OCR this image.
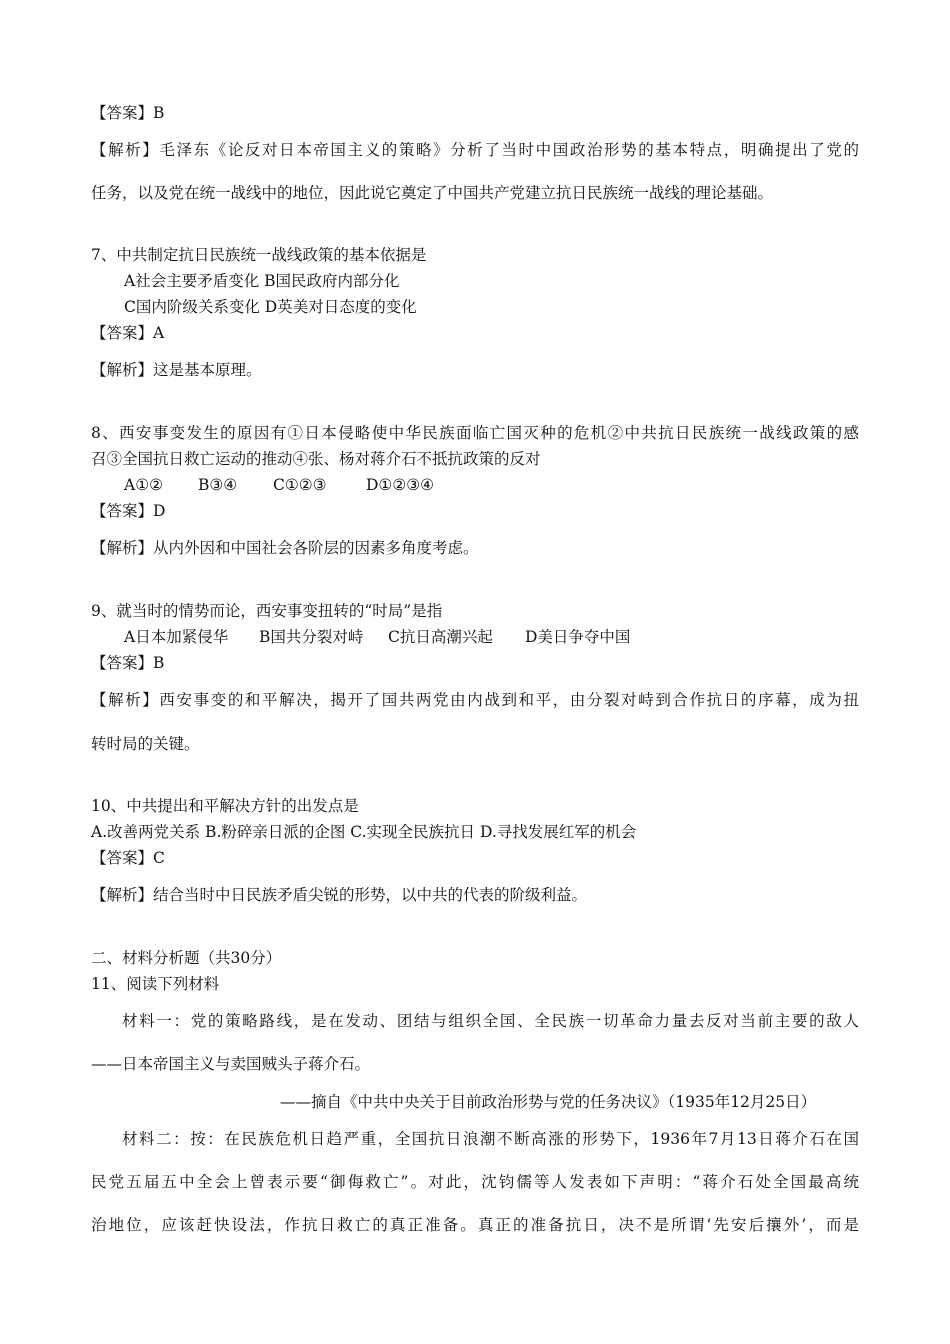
【答案】B
【解析】毛泽东《论反对日本帝国主义的策略》分析了当时中国政治形势的基本特点，明确提出了党的
任务，以及党在统一战线中的地位，因此说它奠定了中国共产党建立抗日民族统一战线的理论基础。
7、中共制定抗日民族统一战线政策的基本依据是
A社会主要矛盾变化 B国民政府内部分化
C国内阶级关系变化 D英美对日态度的变化
【答案】A
【解析】这是基本原理。
8、西安事变发生的原因有①日本侵略使中华民族面临亡国灭种的危机②中共抗日民族统一战线政策的感
召③全国抗日救亡运动的推动④张、杨对蒋介石不抵抗政策的反对
A①② B③④ C①②③	D①②③④
【答案】D
【解析】从内外因和中国社会各阶层的因素多角度考虑。
9、就当时的情势而论，西安事变扭转的“时局”是指
A日本加紧侵华 B国共分裂对峙 C抗日高潮兴起 D美日争夺中国
【答案】B
【解析】西安事变的和平解决，揭开了国共两党由内战到和平，由分裂对峙到合作抗日的序幕，成为扭
转时局的关键。
10、中共提出和平解决方针的出发点是
A.改善两党关系 B.粉碎亲日派的企图 C.实现全民族抗日 D.寻找发展红军的机会
【答案】C
【解析】结合当时中日民族矛盾尖锐的形势，以中共的代表的阶级利益。
二、材料分析题（共30分）
11、阅读下列材料
材料一：党的策略路线，是在发动、团结与组织全国、全民族一切革命力量去反对当前主要的敌人
——日本帝国主义与卖国贼头子蒋介石。
——摘自《中共中央关于目前政治形势与党的任务决议》（1935年12月25日）
材料二：按：在民族危机日趋严重，全国抗日浪潮不断高涨的形势下，1936年7月13日蒋介石在国
民党五届五中全会上曾表示要“御侮救亡”。对此，沈钧儒等人发表如下声明：“蒋介石处全国最高统
治地位，应该赶快设法，作抗日救亡的真正准备。真正的准备抗日，决不是所谓‘先安后攘外’，而是
